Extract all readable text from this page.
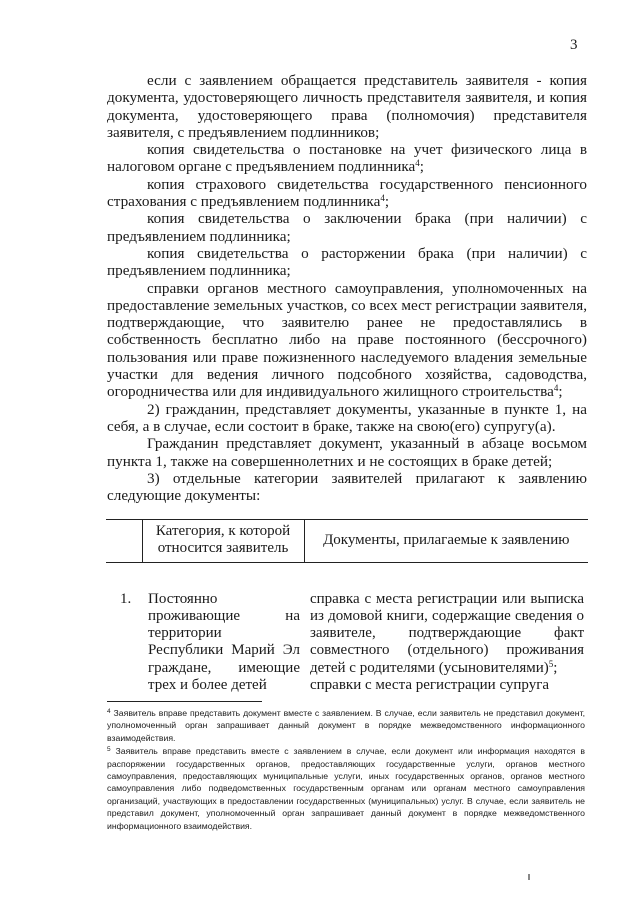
3

если с заявлением обращается представитель заявителя - копия документа, удостоверяющего личность представителя заявителя, и копия документа, удостоверяющего права (полномочия) представителя заявителя, с предъявлением подлинников;

копия свидетельства о постановке на учет физического лица в налоговом органе с предъявлением подлинника$^4$;

копия страхового свидетельства государственного пенсионного страхования с предъявлением подлинника$^4$;

копия свидетельства о заключении брака (при наличии) с предъявлением подлинника;

копия свидетельства о расторжении брака (при наличии) с предъявлением подлинника;

справки органов местного самоуправления, уполномоченных на предоставление земельных участков, со всех мест регистрации заявителя, подтверждающие, что заявителю ранее не предоставлялись в собственность бесплатно либо на праве постоянного (бессрочного) пользования или праве пожизненного наследуемого владения земельные участки для ведения личного подсобного хозяйства, садоводства, огородничества или для индивидуального жилищного строительства$^4$;

2) гражданин, представляет документы, указанные в пункте 1, на себя, а в случае, если состоит в браке, также на свою(его) супругу(а).

Гражданин представляет документ, указанный в абзаце восьмом пункта 1, также на совершеннолетних и не состоящих в браке детей;

3) отдельные категории заявителей прилагают к заявлению следующие документы:

	Категория, к которой относится заявитель	Документы, прилагаемые к заявлению
1.	Постоянно проживающие на территории Республики Марий Эл граждане, имеющие трех и более детей	справка с места регистрации или выписка из домовой книги, содержащие сведения о заявителе, подтверждающие факт совместного (отдельного) проживания детей с родителями (усыновителями)$^5$;
справки с места регистрации супруга

$^4$ Заявитель вправе представить документ вместе с заявлением. В случае, если заявитель не представил документ, уполномоченный орган запрашивает данный документ в порядке межведомственного информационного взаимодействия.

$^5$ Заявитель вправе представить вместе с заявлением в случае, если документ или информация находятся в распоряжении государственных органов, предоставляющих государственные услуги, органов местного самоуправления, предоставляющих муниципальные услуги, иных государственных органов, органов местного самоуправления либо подведомственных государственным органам или органам местного самоуправления организаций, участвующих в предоставлении государственных (муниципальных) услуг. В случае, если заявитель не представил документ, уполномоченный орган запрашивает данный документ в порядке межведомственного информационного взаимодействия.
